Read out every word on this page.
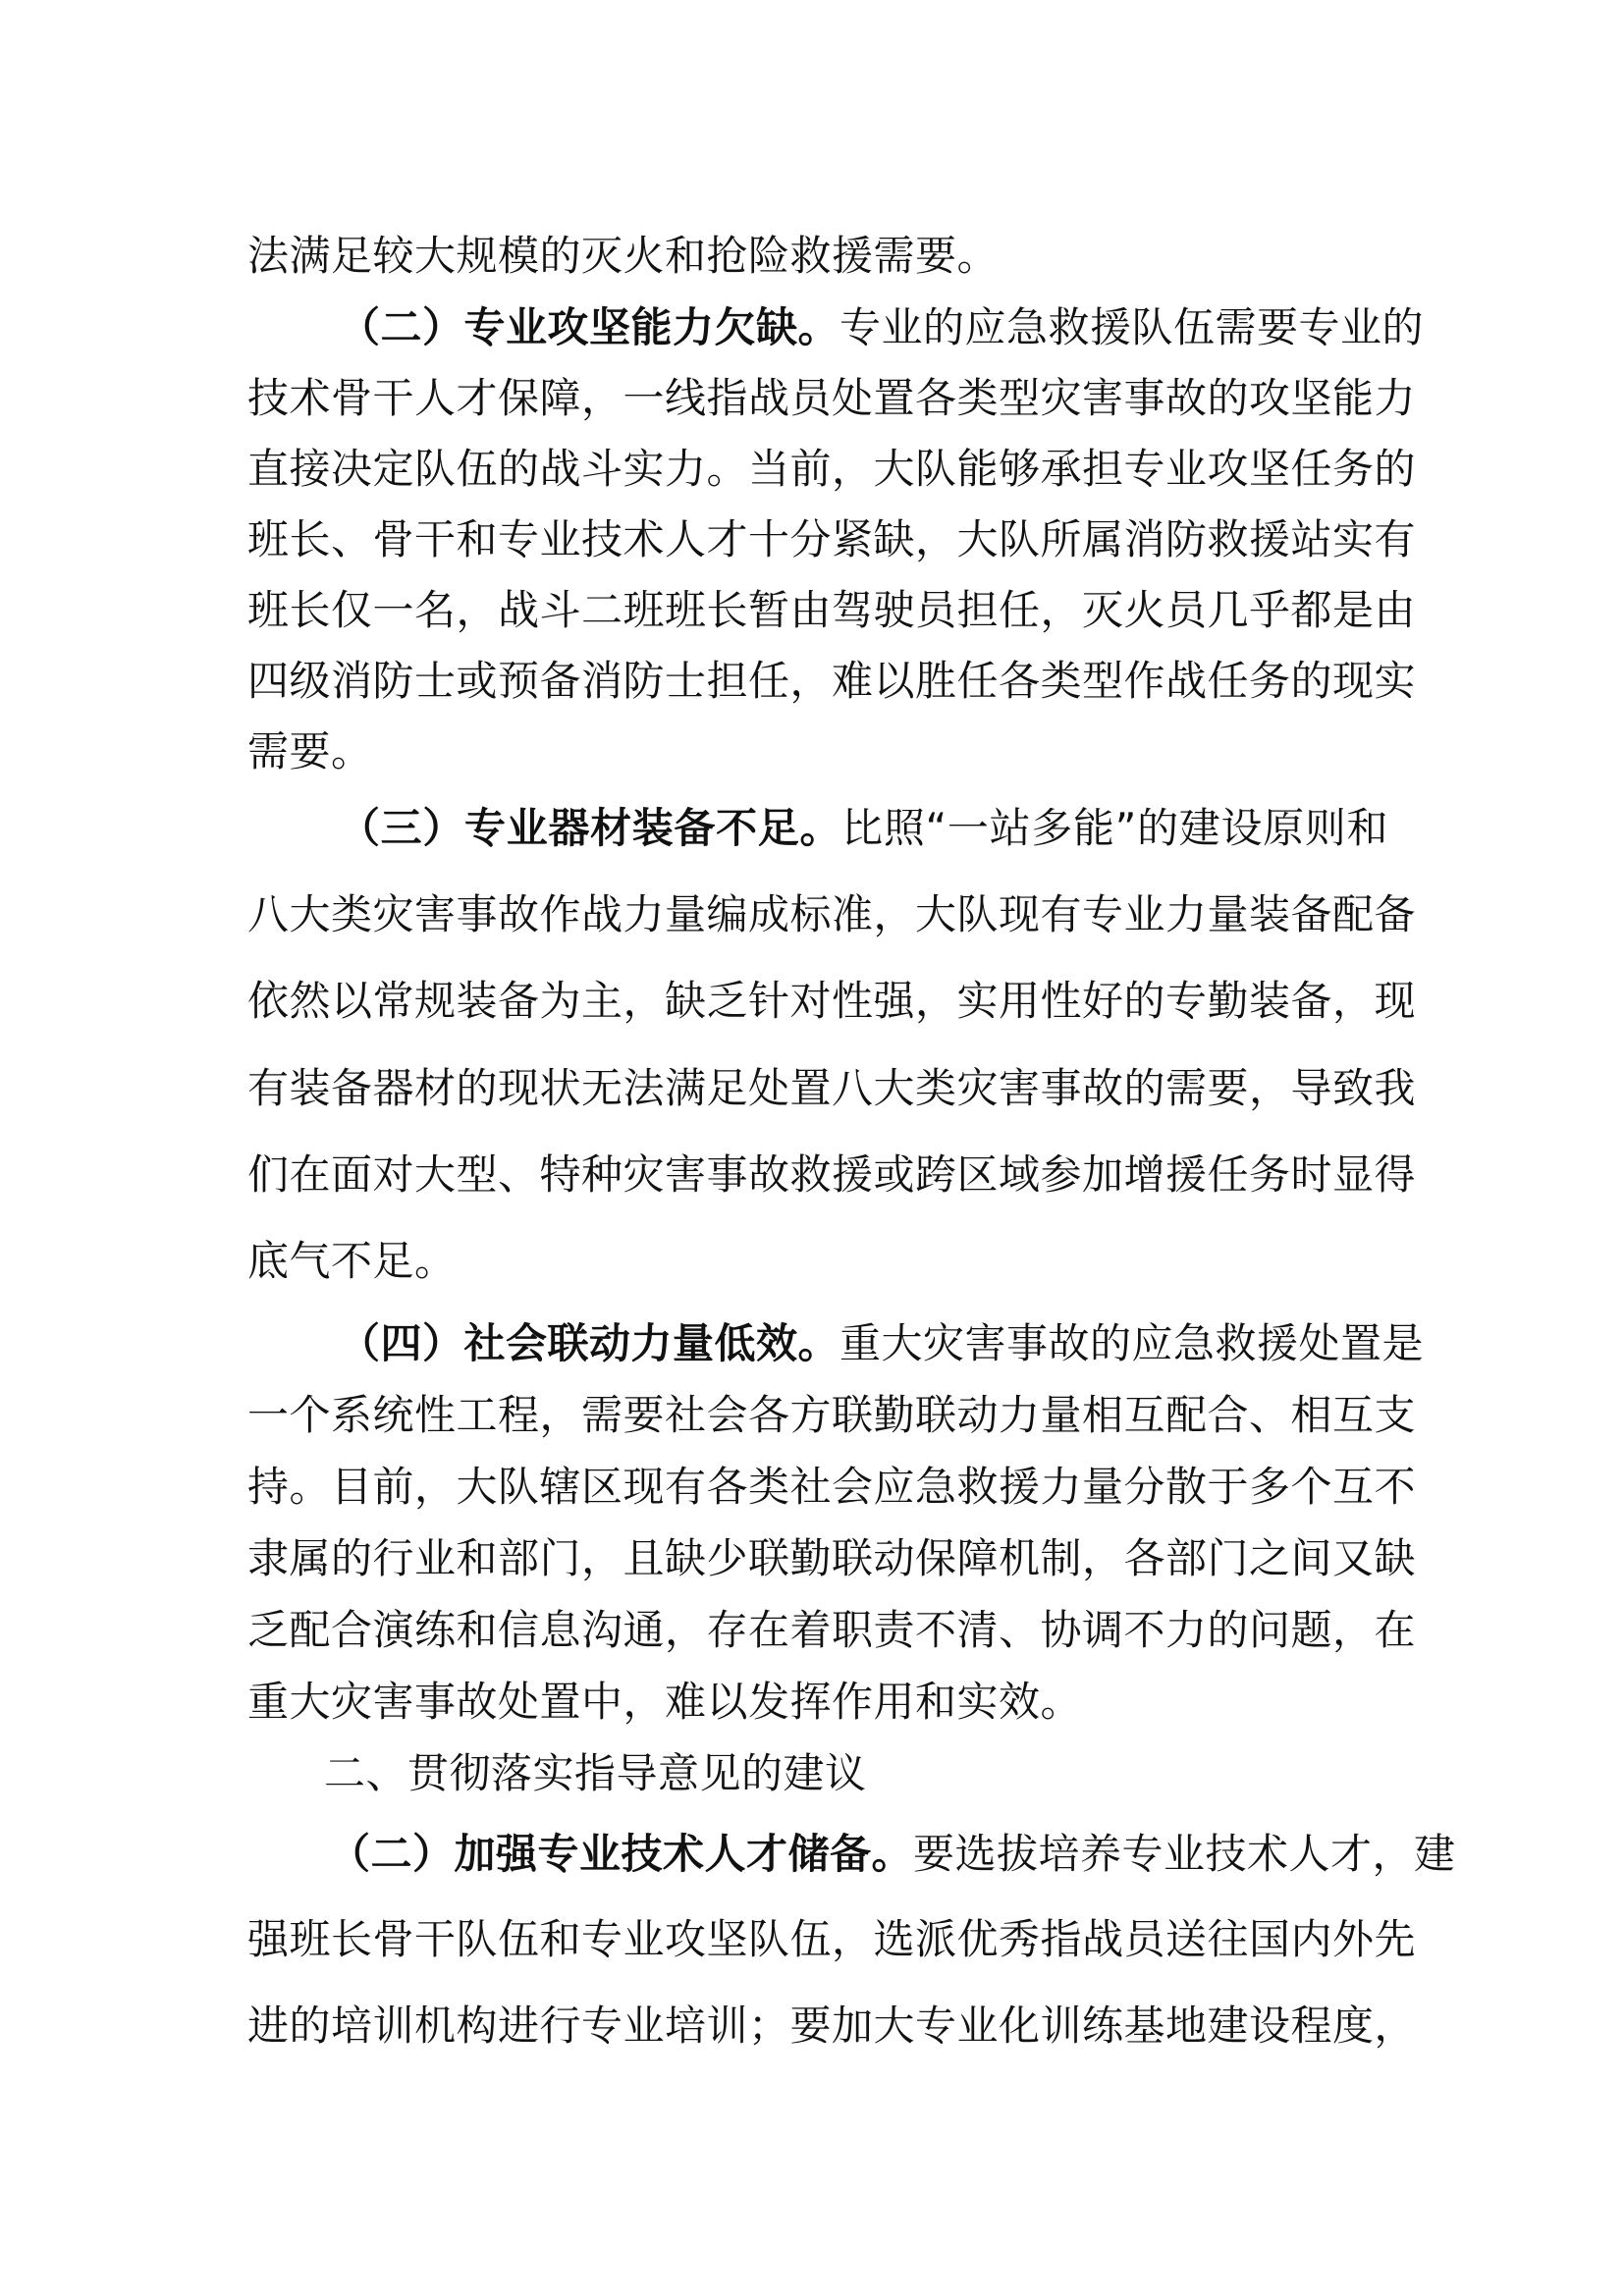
法满足较大规模的灭火和抢险救援需要。
（二）专业攻坚能力欠缺。专业的应急救援队伍需要专业的
技术骨干人才保障，一线指战员处置各类型灾害事故的攻坚能力
直接决定队伍的战斗实力。当前，大队能够承担专业攻坚任务的
班长、骨干和专业技术人才十分紧缺，大队所属消防救援站实有
班长仅一名，战斗二班班长暂由驾驶员担任，灭火员几乎都是由
四级消防士或预备消防士担任，难以胜任各类型作战任务的现实
需要。
（三）专业器材装备不足。比照“一站多能”的建设原则和
八大类灾害事故作战力量编成标准，大队现有专业力量装备配备
依然以常规装备为主，缺乏针对性强，实用性好的专勤装备，现
有装备器材的现状无法满足处置八大类灾害事故的需要，导致我
们在面对大型、特种灾害事故救援或跨区域参加增援任务时显得
底气不足。
（四）社会联动力量低效。重大灾害事故的应急救援处置是
一个系统性工程，需要社会各方联勤联动力量相互配合、相互支
持。目前，大队辖区现有各类社会应急救援力量分散于多个互不
隶属的行业和部门，且缺少联勤联动保障机制，各部门之间又缺
乏配合演练和信息沟通，存在着职责不清、协调不力的问题，在
重大灾害事故处置中，难以发挥作用和实效。
二、贯彻落实指导意见的建议
（二）加强专业技术人才储备。要选拔培养专业技术人才，建
强班长骨干队伍和专业攻坚队伍，选派优秀指战员送往国内外先
进的培训机构进行专业培训；要加大专业化训练基地建设程度，
